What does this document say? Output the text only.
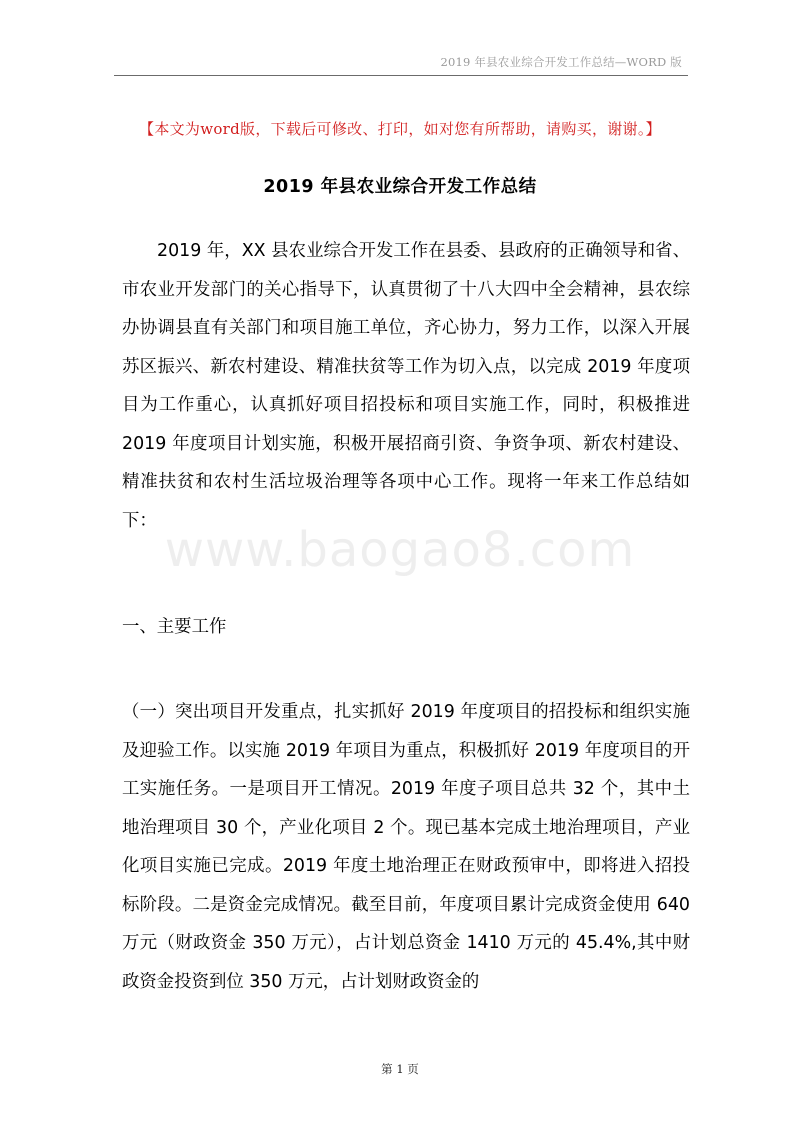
2019 年县农业综合开发工作总结—WORD 版
【本文为word版，下载后可修改、打印，如对您有所帮助，请购买，谢谢。】
2019 年县农业综合开发工作总结

2019 年，XX 县农业综合开发工作在县委、县政府的正确领导和省、市农业开发部门的关心指导下，认真贯彻了十八大四中全会精神，县农综办协调县直有关部门和项目施工单位，齐心协力，努力工作，以深入开展苏区振兴、新农村建设、精准扶贫等工作为切入点，以完成 2019 年度项目为工作重心，认真抓好项目招投标和项目实施工作，同时，积极推进 2019 年度项目计划实施，积极开展招商引资、争资争项、新农村建设、精准扶贫和农村生活垃圾治理等各项中心工作。现将一年来工作总结如下：

www.baogao8.com
一、主要工作

（一）突出项目开发重点，扎实抓好 2019 年度项目的招投标和组织实施及迎验工作。以实施 2019 年项目为重点，积极抓好 2019 年度项目的开工实施任务。一是项目开工情况。2019 年度子项目总共 32 个，其中土地治理项目 30 个，产业化项目 2 个。现已基本完成土地治理项目，产业化项目实施已完成。2019 年度土地治理正在财政预审中，即将进入招投标阶段。二是资金完成情况。截至目前，年度项目累计完成资金使用 640 万元（财政资金 350 万元），占计划总资金 1410 万元的 45.4%,其中财政资金投资到位 350 万元，占计划财政资金的

第 1 页
